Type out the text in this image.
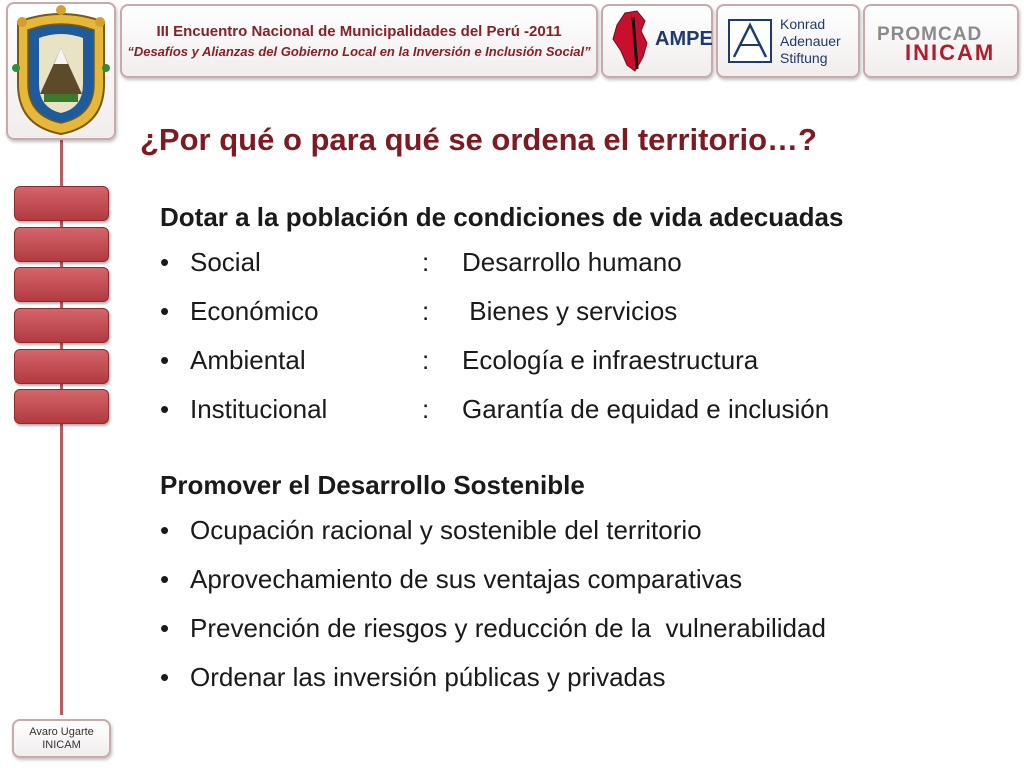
III Encuentro Nacional de Municipalidades del Perú -2011
“Desafíos y Alianzas del Gobierno Local en la Inversión e Inclusión Social”
AMPE
Konrad
Adenauer
Stiftung
PROMCAD
INICAM
¿Por qué o para qué se ordena el territorio…?
Dotar a la población de condiciones de vida adecuadas
• Social	:	Desarrollo humano
• Económico	:	Bienes y servicios
• Ambiental	:	Ecología e infraestructura
• Institucional	:	Garantía de equidad e inclusión
Promover el Desarrollo Sostenible
• Ocupación racional y sostenible del territorio
• Aprovechamiento de sus ventajas comparativas
• Prevención de riesgos y reducción de la  vulnerabilidad
• Ordenar las inversión públicas y privadas
Avaro Ugarte
INICAM
